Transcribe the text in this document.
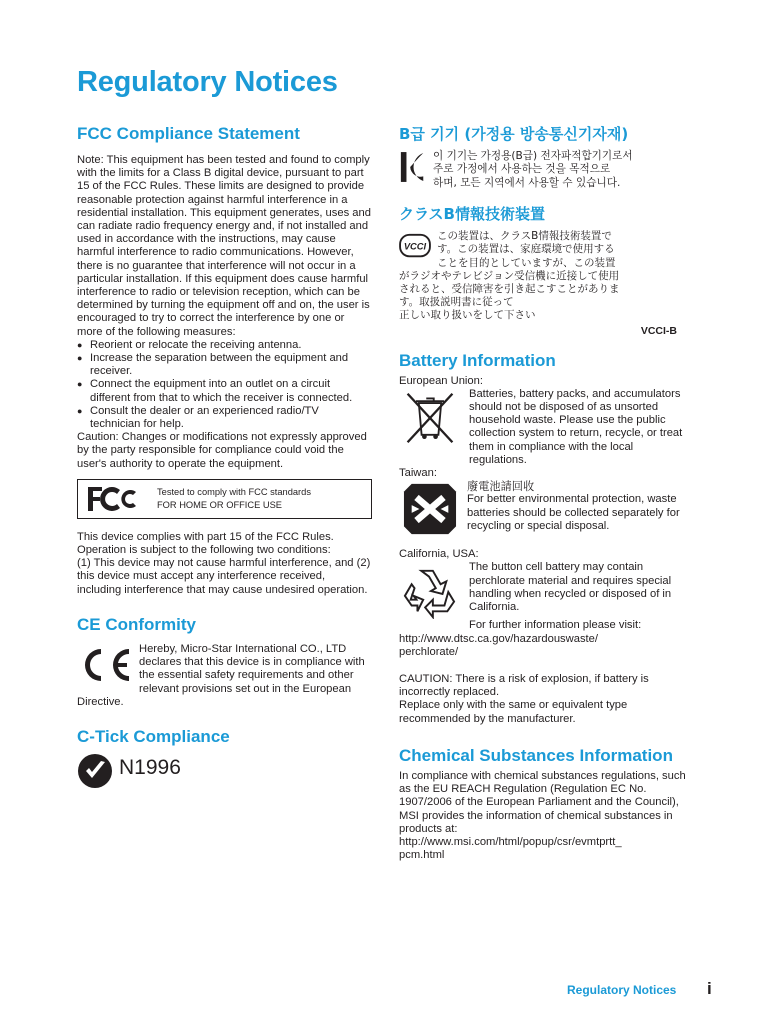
Regulatory Notices
FCC Compliance Statement

Note: This equipment has been tested and found to comply with the limits for a Class B digital device, pursuant to part 15 of the FCC Rules. These limits are designed to provide reasonable protection against harmful interference in a residential installation. This equipment generates, uses and can radiate radio frequency energy and, if not installed and used in accordance with the instructions, may cause harmful interference to radio communications. However, there is no guarantee that interference will not occur in a particular installation. If this equipment does cause harmful interference to radio or television reception, which can be determined by turning the equipment off and on, the user is encouraged to try to correct the interference by one or more of the following measures:

● Reorient or relocate the receiving antenna.
● Increase the separation between the equipment and receiver.
● Connect the equipment into an outlet on a circuit different from that to which the receiver is connected.
● Consult the dealer or an experienced radio/TV technician for help.

Caution: Changes or modifications not expressly approved by the party responsible for compliance could void the user's authority to operate the equipment.

Tested to comply with FCC standards
FOR HOME OR OFFICE USE

This device complies with part 15 of the FCC Rules. Operation is subject to the following two conditions:

(1) This device may not cause harmful interference, and (2) this device must accept any interference received, including interference that may cause undesired operation.

CE Conformity
Hereby, Micro-Star International CO., LTD declares that this device is in compliance with the essential safety requirements and other relevant provisions set out in the European Directive.
C-Tick Compliance
N1996
B급 기기 (가정용 방송통신기자재)
이 기기는 가정용(B급) 전자파적합기기로서
주로 가정에서 사용하는 것을 목적으로
하며, 모든 지역에서 사용할 수 있습니다.
クラスB情報技術装置
VCCI
この装置は、クラスB情報技術装置で
す。この装置は、家庭環境で使用する
ことを目的としていますが、この装置
がラジオやテレビジョン受信機に近接して使用
されると、受信障害を引き起こすことがありま
す。取扱説明書に従って
正しい取り扱いをして下さい
VCCI-B
Battery Information
European Union:
Batteries, battery packs, and accumulators should not be disposed of as unsorted household waste. Please use the public collection system to return, recycle, or treat them in compliance with the local regulations.
Taiwan:
廢電池請回收
For better environmental protection, waste batteries should be collected separately for recycling or special disposal.
California, USA:
The button cell battery may contain perchlorate material and requires special handling when recycled or disposed of in California.
For further information please visit:
http://www.dtsc.ca.gov/hazardouswaste/
perchlorate/

CAUTION: There is a risk of explosion, if battery is incorrectly replaced.

Replace only with the same or equivalent type recommended by the manufacturer.

Chemical Substances Information

In compliance with chemical substances regulations, such as the EU REACH Regulation (Regulation EC No. 1907/2006 of the European Parliament and the Council), MSI provides the information of chemical substances in products at:

http://www.msi.com/html/popup/csr/evmtprtt_
pcm.html
Regulatory Notices i
